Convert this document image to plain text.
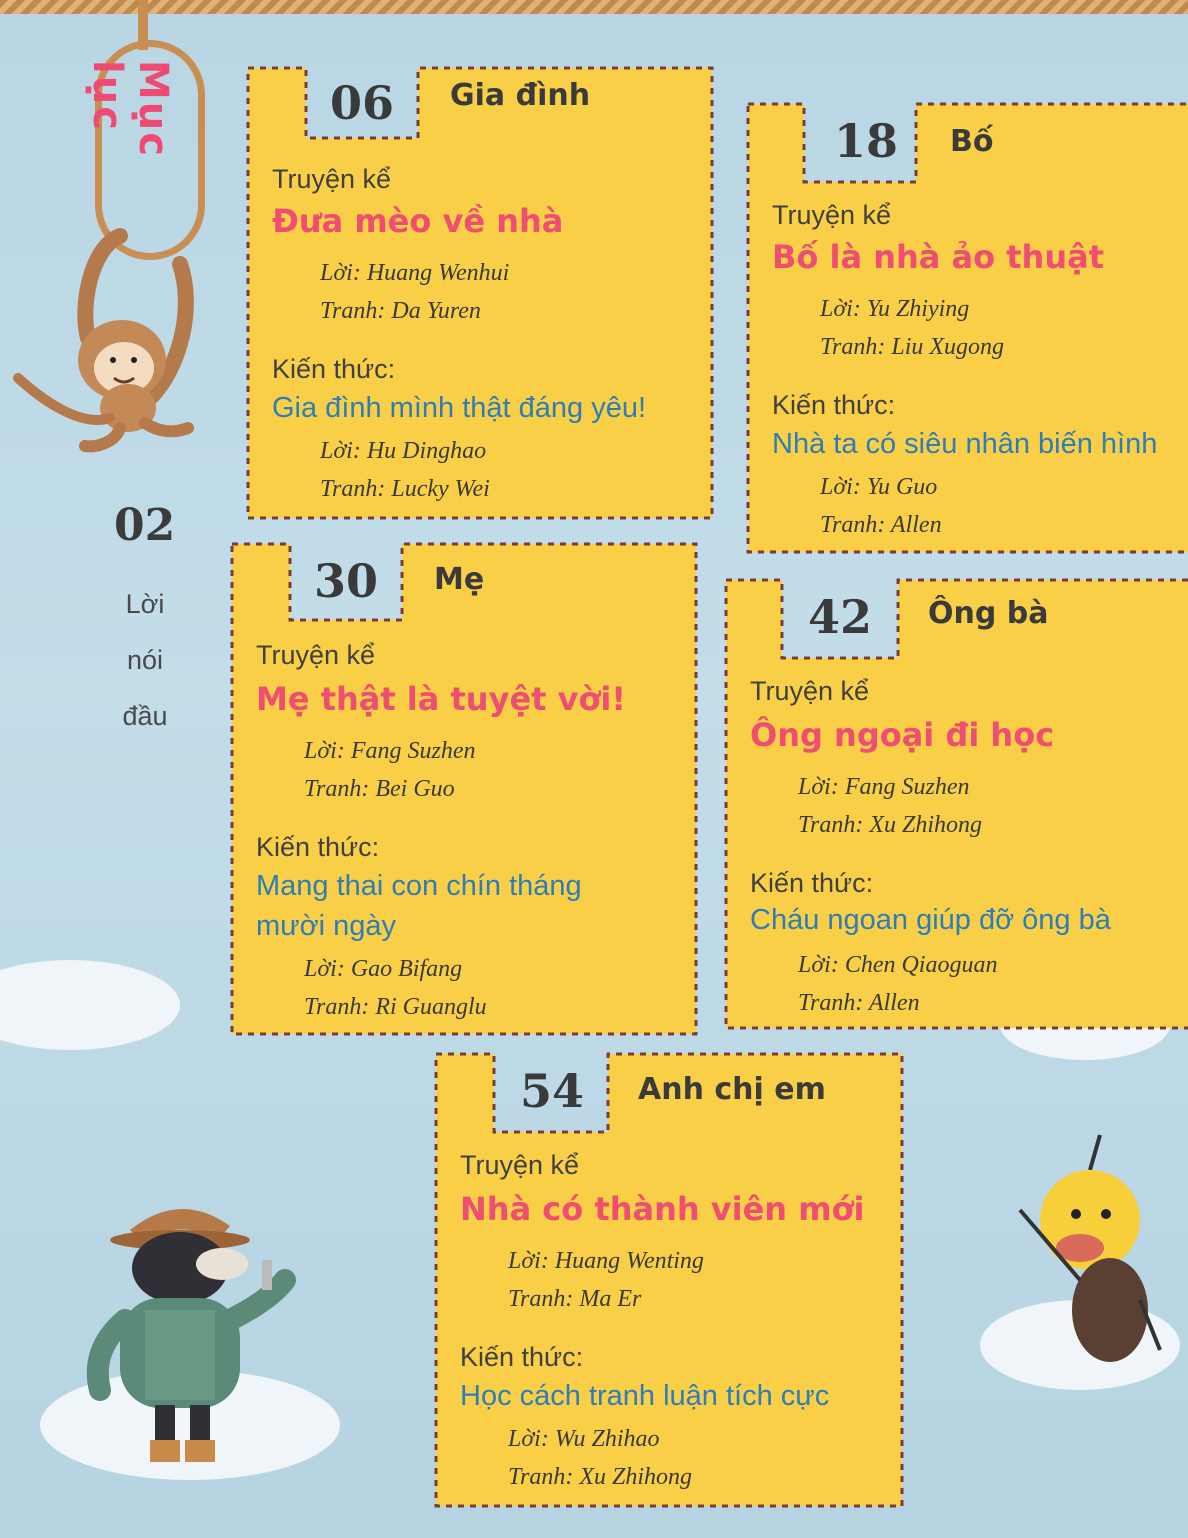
Mục lục
02
Lời
nói
đầu
06 Gia đình
Truyện kể
Đưa mèo về nhà
Lời: Huang Wenhui
Tranh: Da Yuren
Kiến thức:
Gia đình mình thật đáng yêu!
Lời: Hu Dinghao
Tranh: Lucky Wei
18 Bố
Truyện kể
Bố là nhà ảo thuật
Lời: Yu Zhiying
Tranh: Liu Xugong
Kiến thức:
Nhà ta có siêu nhân biến hình
Lời: Yu Guo
Tranh: Allen
30 Mẹ
Truyện kể
Mẹ thật là tuyệt vời!
Lời: Fang Suzhen
Tranh: Bei Guo
Kiến thức:
Mang thai con chín tháng
mười ngày
Lời: Gao Bifang
Tranh: Ri Guanglu
42 Ông bà
Truyện kể
Ông ngoại đi học
Lời: Fang Suzhen
Tranh: Xu Zhihong
Kiến thức:
Cháu ngoan giúp đỡ ông bà
Lời: Chen Qiaoguan
Tranh: Allen
54 Anh chị em
Truyện kể
Nhà có thành viên mới
Lời: Huang Wenting
Tranh: Ma Er
Kiến thức:
Học cách tranh luận tích cực
Lời: Wu Zhihao
Tranh: Xu Zhihong
